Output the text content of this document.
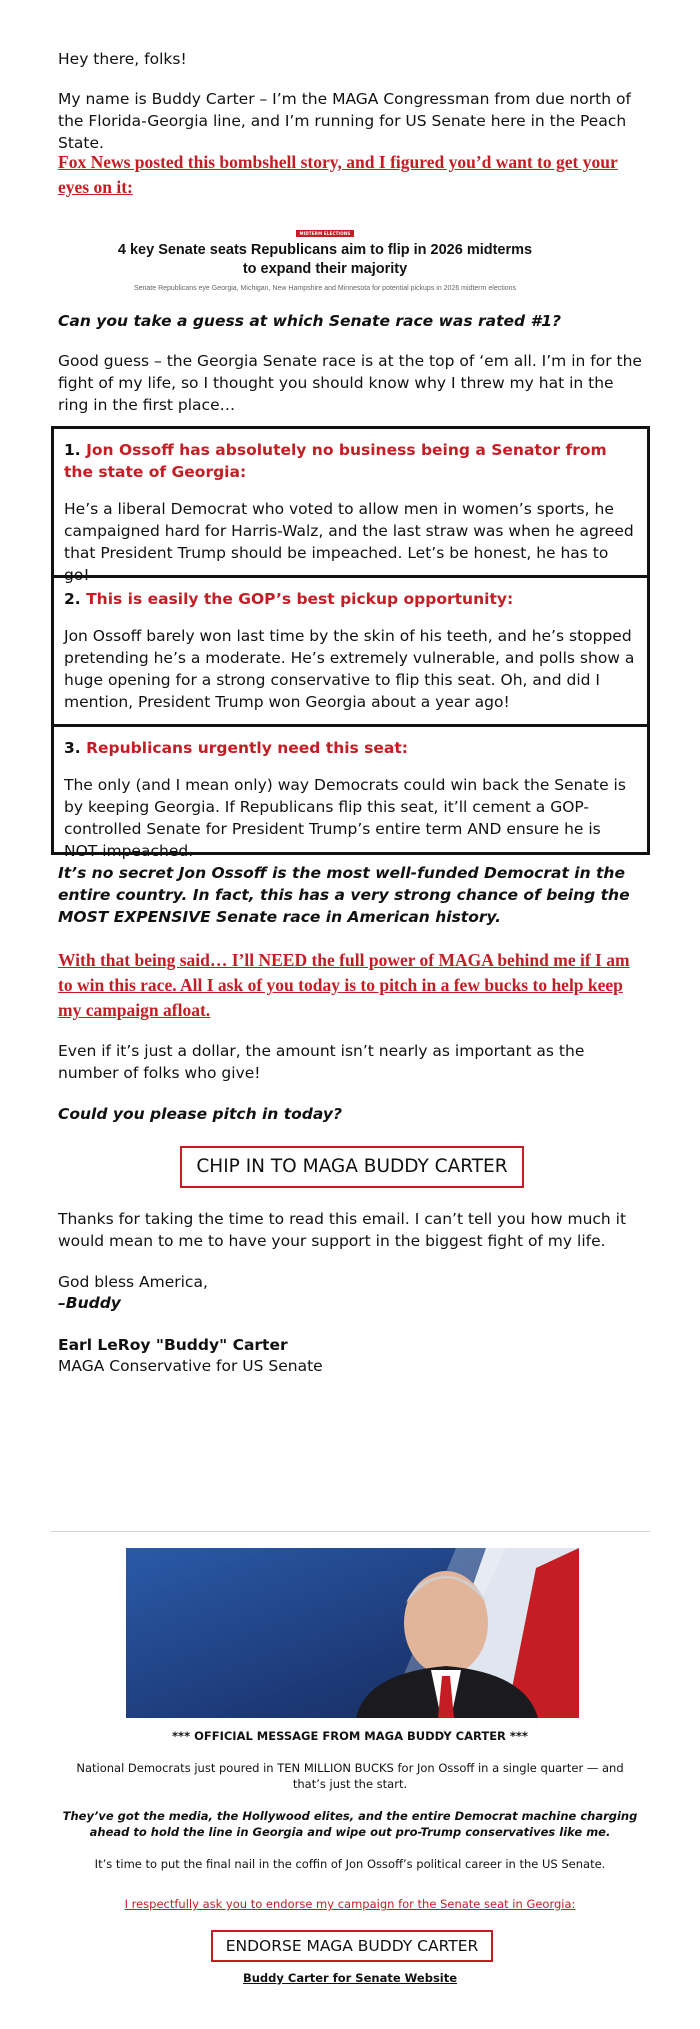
Hey there, folks!

My name is Buddy Carter – I’m the MAGA Congressman from due north of the Florida-Georgia line, and I’m running for US Senate here in the Peach State.

Fox News posted this bombshell story, and I figured you’d want to get your eyes on it:

MIDTERM ELECTIONS
4 key Senate seats Republicans aim to flip in 2026 midterms to expand their majority
Senate Republicans eye Georgia, Michigan, New Hampshire and Minnesota for potential pickups in 2026 midterm elections

Can you take a guess at which Senate race was rated #1?

Good guess – the Georgia Senate race is at the top of ‘em all. I’m in for the fight of my life, so I thought you should know why I threw my hat in the ring in the first place…

1. Jon Ossoff has absolutely no business being a Senator from the state of Georgia:
He’s a liberal Democrat who voted to allow men in women’s sports, he campaigned hard for Harris-Walz, and the last straw was when he agreed that President Trump should be impeached. Let’s be honest, he has to go!
2. This is easily the GOP’s best pickup opportunity:
Jon Ossoff barely won last time by the skin of his teeth, and he’s stopped pretending he’s a moderate. He’s extremely vulnerable, and polls show a huge opening for a strong conservative to flip this seat. Oh, and did I mention, President Trump won Georgia about a year ago!
3. Republicans urgently need this seat:
The only (and I mean only) way Democrats could win back the Senate is by keeping Georgia. If Republicans flip this seat, it’ll cement a GOP-controlled Senate for President Trump’s entire term AND ensure he is NOT impeached.

It’s no secret Jon Ossoff is the most well-funded Democrat in the entire country. In fact, this has a very strong chance of being the MOST EXPENSIVE Senate race in American history.

With that being said… I’ll NEED the full power of MAGA behind me if I am to win this race. All I ask of you today is to pitch in a few bucks to help keep my campaign afloat.

Even if it’s just a dollar, the amount isn’t nearly as important as the number of folks who give!

Could you please pitch in today?

CHIP IN TO MAGA BUDDY CARTER

Thanks for taking the time to read this email. I can’t tell you how much it would mean to me to have your support in the biggest fight of my life.

God bless America,

–Buddy

Earl LeRoy "Buddy" Carter

MAGA Conservative for US Senate

*** OFFICIAL MESSAGE FROM MAGA BUDDY CARTER ***
National Democrats just poured in TEN MILLION BUCKS for Jon Ossoff in a single quarter — and that’s just the start.
They’ve got the media, the Hollywood elites, and the entire Democrat machine charging ahead to hold the line in Georgia and wipe out pro-Trump conservatives like me.
It’s time to put the final nail in the coffin of Jon Ossoff’s political career in the US Senate.
I respectfully ask you to endorse my campaign for the Senate seat in Georgia:
ENDORSE MAGA BUDDY CARTER
Buddy Carter for Senate Website
